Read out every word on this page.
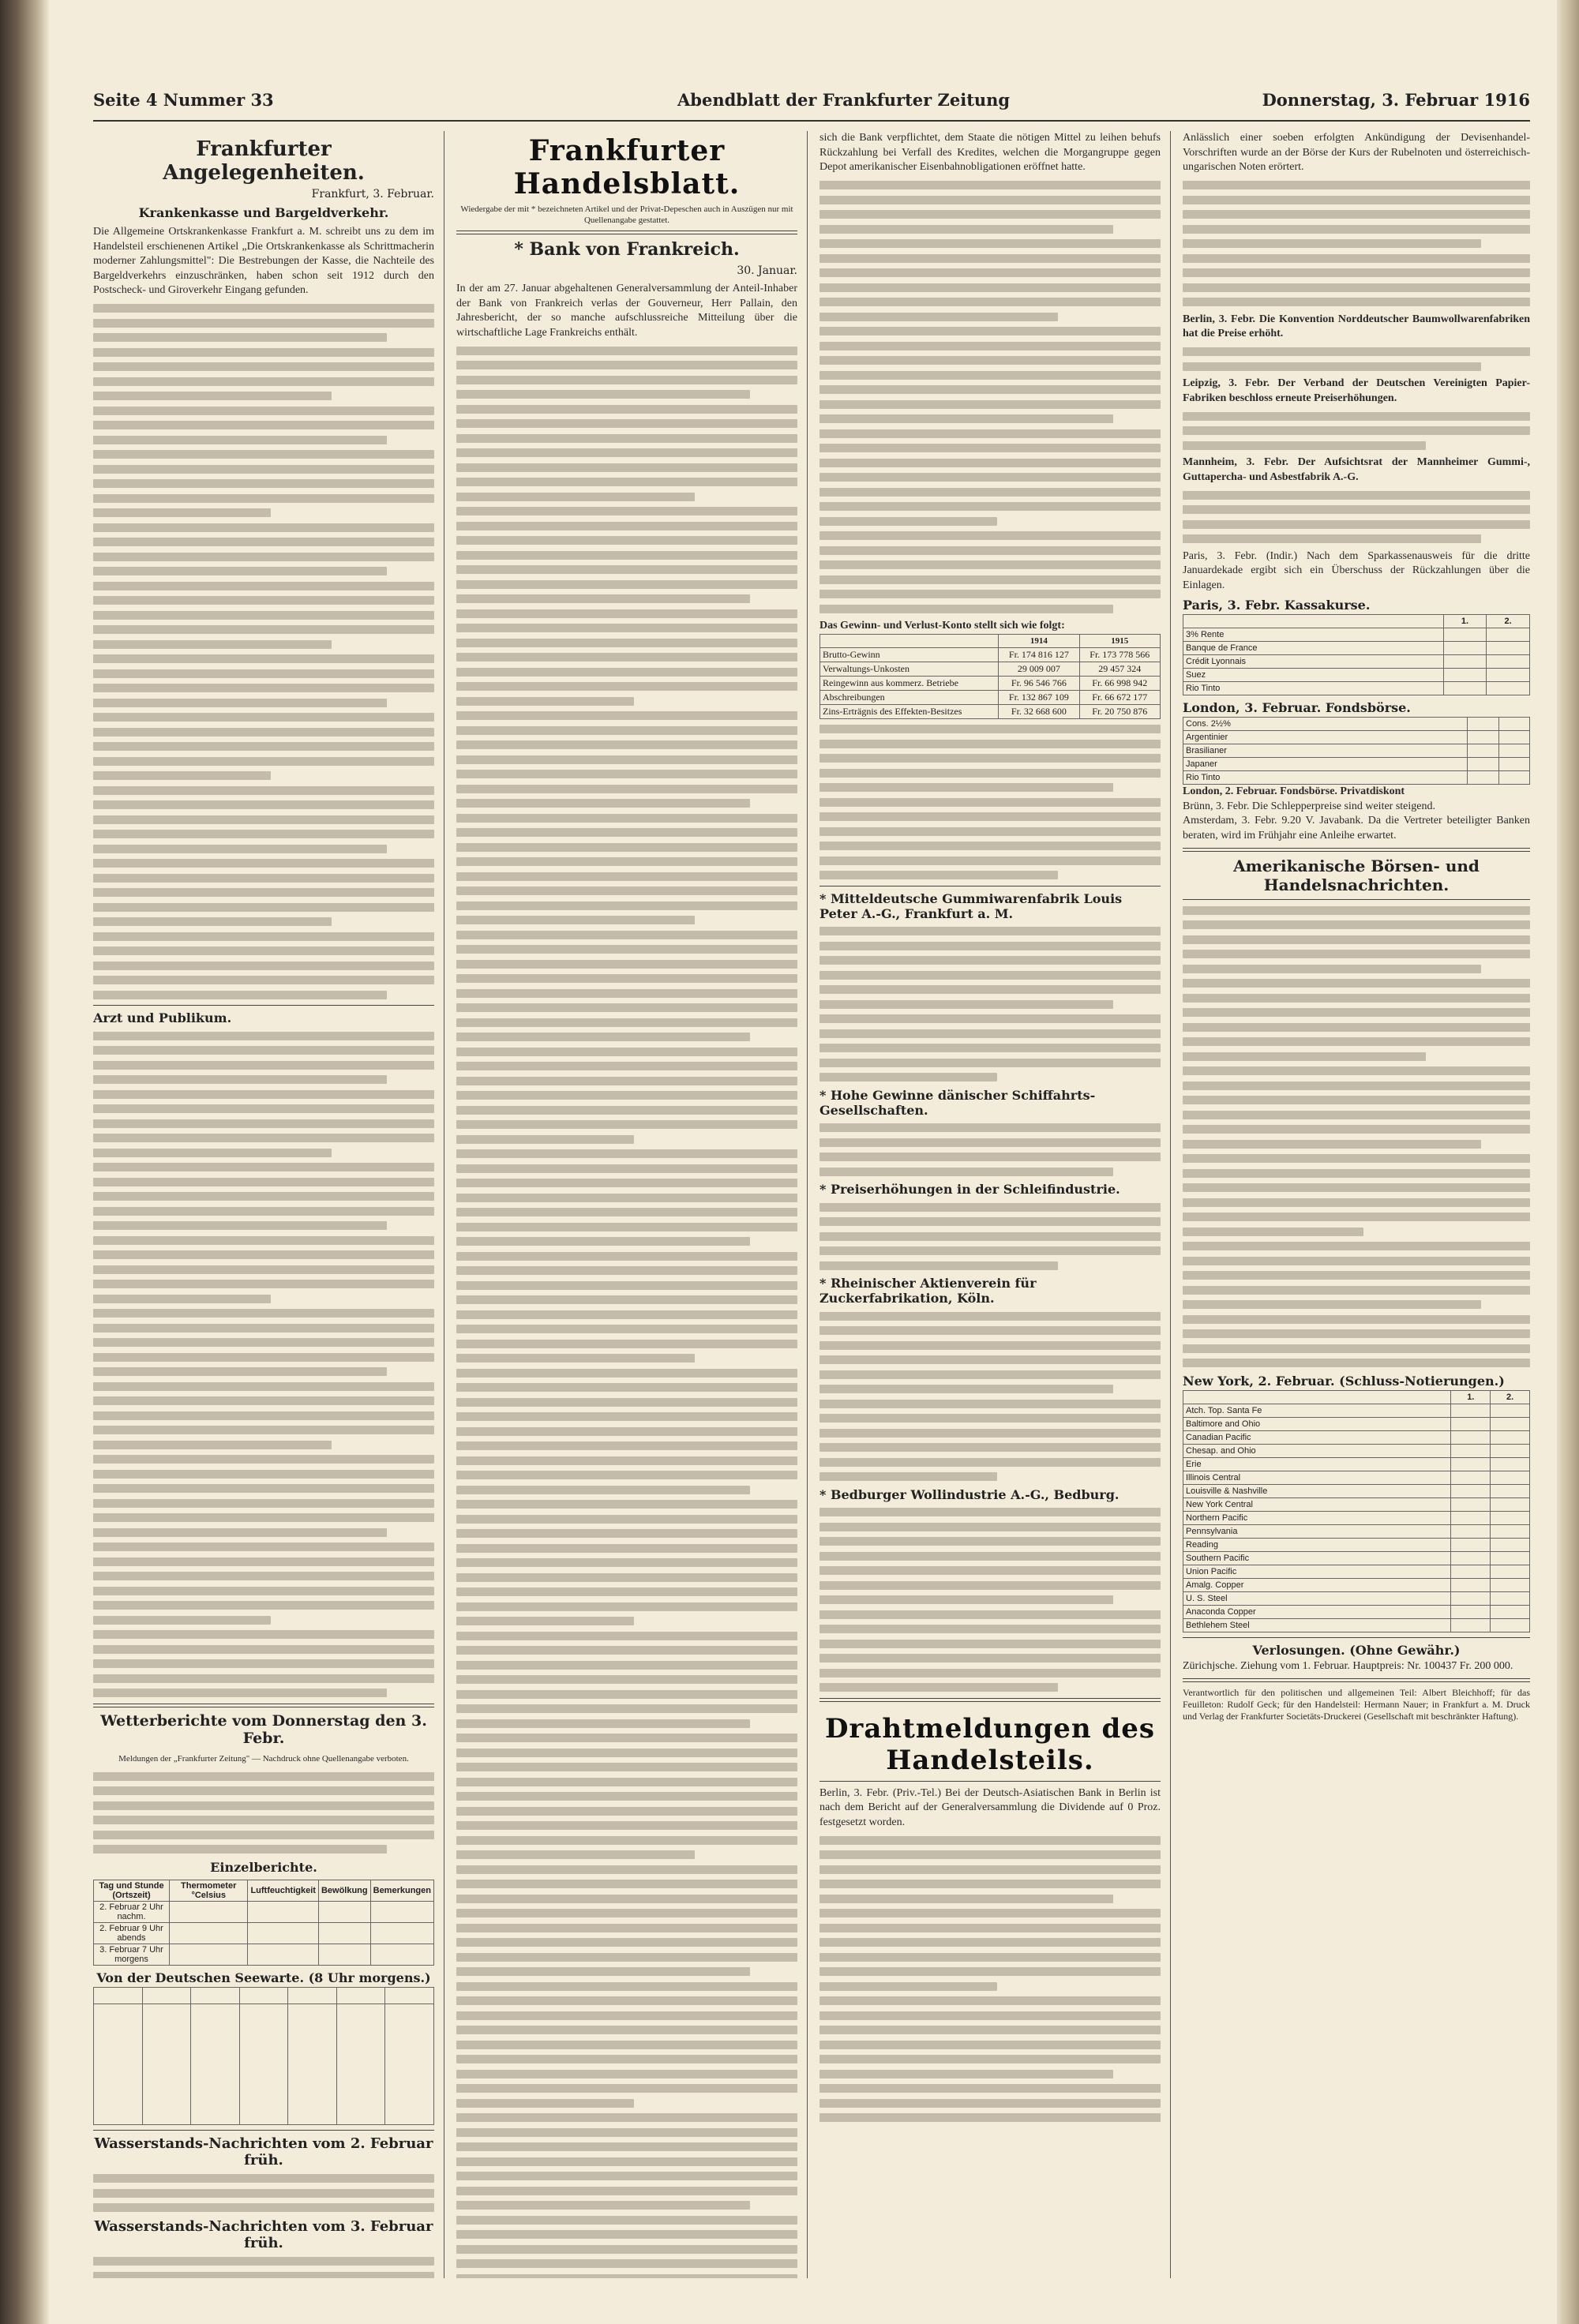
Seite 4 Nummer 33	Abendblatt der Frankfurter Zeitung	Donnerstag, 3. Februar 1916
Frankfurter Angelegenheiten.
Frankfurt, 3. Februar.
Krankenkasse und Bargeldverkehr.
Die Allgemeine Ortskrankenkasse Frankfurt a. M. schreibt uns zu dem im Handelsteil erschienenen Artikel „Die Ortskrankenkasse als Schrittmacherin moderner Zahlungsmittel": Die Bestrebungen der Kasse, die Nachteile des Bargeldverkehrs einzuschränken, haben schon seit 1912 durch den Postscheck- und Giroverkehr Eingang gefunden.
Arzt und Publikum.
Wetterberichte vom Donnerstag den 3. Febr.
Meldungen der „Frankfurter Zeitung" — Nachdruck ohne Quellenangabe verboten.
Einzelberichte.
Tag und Stunde (Ortszeit)	Thermometer °Celsius	Luftfeuchtigkeit	Bewölkung	Bemerkungen
2. Februar 2 Uhr nachm.				
2. Februar 9 Uhr abends				
3. Februar 7 Uhr morgens				
Von der Deutschen Seewarte. (8 Uhr morgens.)

Wasserstands-Nachrichten vom 2. Februar früh.
Wasserstands-Nachrichten vom 3. Februar früh.
Frankfurter Handelsblatt.
Wiedergabe der mit * bezeichneten Artikel und der Privat-Depeschen auch in Auszügen nur mit Quellenangabe gestattet.
* Bank von Frankreich.
30. Januar.
In der am 27. Januar abgehaltenen Generalversammlung der Anteil-Inhaber der Bank von Frankreich verlas der Gouverneur, Herr Pallain, den Jahresbericht, der so manche aufschlussreiche Mitteilung über die wirtschaftliche Lage Frankreichs enthält.
sich die Bank verpflichtet, dem Staate die nötigen Mittel zu leihen behufs Rückzahlung bei Verfall des Kredites, welchen die Morgangruppe gegen Depot amerikanischer Eisenbahnobligationen eröffnet hatte.
Das Gewinn- und Verlust-Konto stellt sich wie folgt:
	1914	1915
Brutto-Gewinn	Fr. 174 816 127	Fr. 173 778 566
Verwaltungs-Unkosten	29 009 007	29 457 324
Reingewinn aus kommerz. Betriebe	Fr. 96 546 766	Fr. 66 998 942
Abschreibungen	Fr. 132 867 109	Fr. 66 672 177
Zins-Erträgnis des Effekten-Besitzes	Fr. 32 668 600	Fr. 20 750 876
* Mitteldeutsche Gummiwarenfabrik Louis Peter A.-G., Frankfurt a. M.
* Hohe Gewinne dänischer Schiffahrts-Gesellschaften.
* Preiserhöhungen in der Schleifindustrie.
* Rheinischer Aktienverein für Zuckerfabrikation, Köln.
* Bedburger Wollindustrie A.-G., Bedburg.
Drahtmeldungen des Handelsteils.
Berlin, 3. Febr. (Priv.-Tel.) Bei der Deutsch-Asiatischen Bank in Berlin ist nach dem Bericht auf der Generalversammlung die Dividende auf 0 Proz. festgesetzt worden.
Anlässlich einer soeben erfolgten Ankündigung der Devisenhandel-Vorschriften wurde an der Börse der Kurs der Rubelnoten und österreichisch-ungarischen Noten erörtert.
Berlin, 3. Febr. Die Konvention Norddeutscher Baumwollwarenfabriken hat die Preise erhöht.
Leipzig, 3. Febr. Der Verband der Deutschen Vereinigten Papier-Fabriken beschloss erneute Preiserhöhungen.
Mannheim, 3. Febr. Der Aufsichtsrat der Mannheimer Gummi-, Guttapercha- und Asbestfabrik A.-G.
Paris, 3. Febr. (Indir.) Nach dem Sparkassenausweis für die dritte Januardekade ergibt sich ein Überschuss der Rückzahlungen über die Einlagen.
Paris, 3. Febr. Kassakurse.
	1.	2.
3% Rente		
Banque de France		
Crédit Lyonnais		
Suez		
Rio Tinto		
London, 3. Februar. Fondsbörse.
Cons. 2½%		
Argentinier		
Brasilianer		
Japaner		
Rio Tinto		
London, 2. Februar. Fondsbörse. Privatdiskont
Brünn, 3. Febr. Die Schlepperpreise sind weiter steigend.
Amsterdam, 3. Febr. 9.20 V. Javabank. Da die Vertreter beteiligter Banken beraten, wird im Frühjahr eine Anleihe erwartet.
Amerikanische Börsen- und Handelsnachrichten.
New York, 2. Februar. (Schluss-Notierungen.)
	1.	2.
Atch. Top. Santa Fe		
Baltimore and Ohio		
Canadian Pacific		
Chesap. and Ohio		
Erie		
Illinois Central		
Louisville & Nashville		
New York Central		
Northern Pacific		
Pennsylvania		
Reading		
Southern Pacific		
Union Pacific		
Amalg. Copper		
U. S. Steel		
Anaconda Copper		
Bethlehem Steel		
Verlosungen. (Ohne Gewähr.)
Zürichjsche. Ziehung vom 1. Februar. Hauptpreis: Nr. 100437 Fr. 200 000.
Verantwortlich für den politischen und allgemeinen Teil: Albert Bleichhoff; für das Feuilleton: Rudolf Geck; für den Handelsteil: Hermann Nauer; in Frankfurt a. M. Druck und Verlag der Frankfurter Societäts-Druckerei (Gesellschaft mit beschränkter Haftung).
